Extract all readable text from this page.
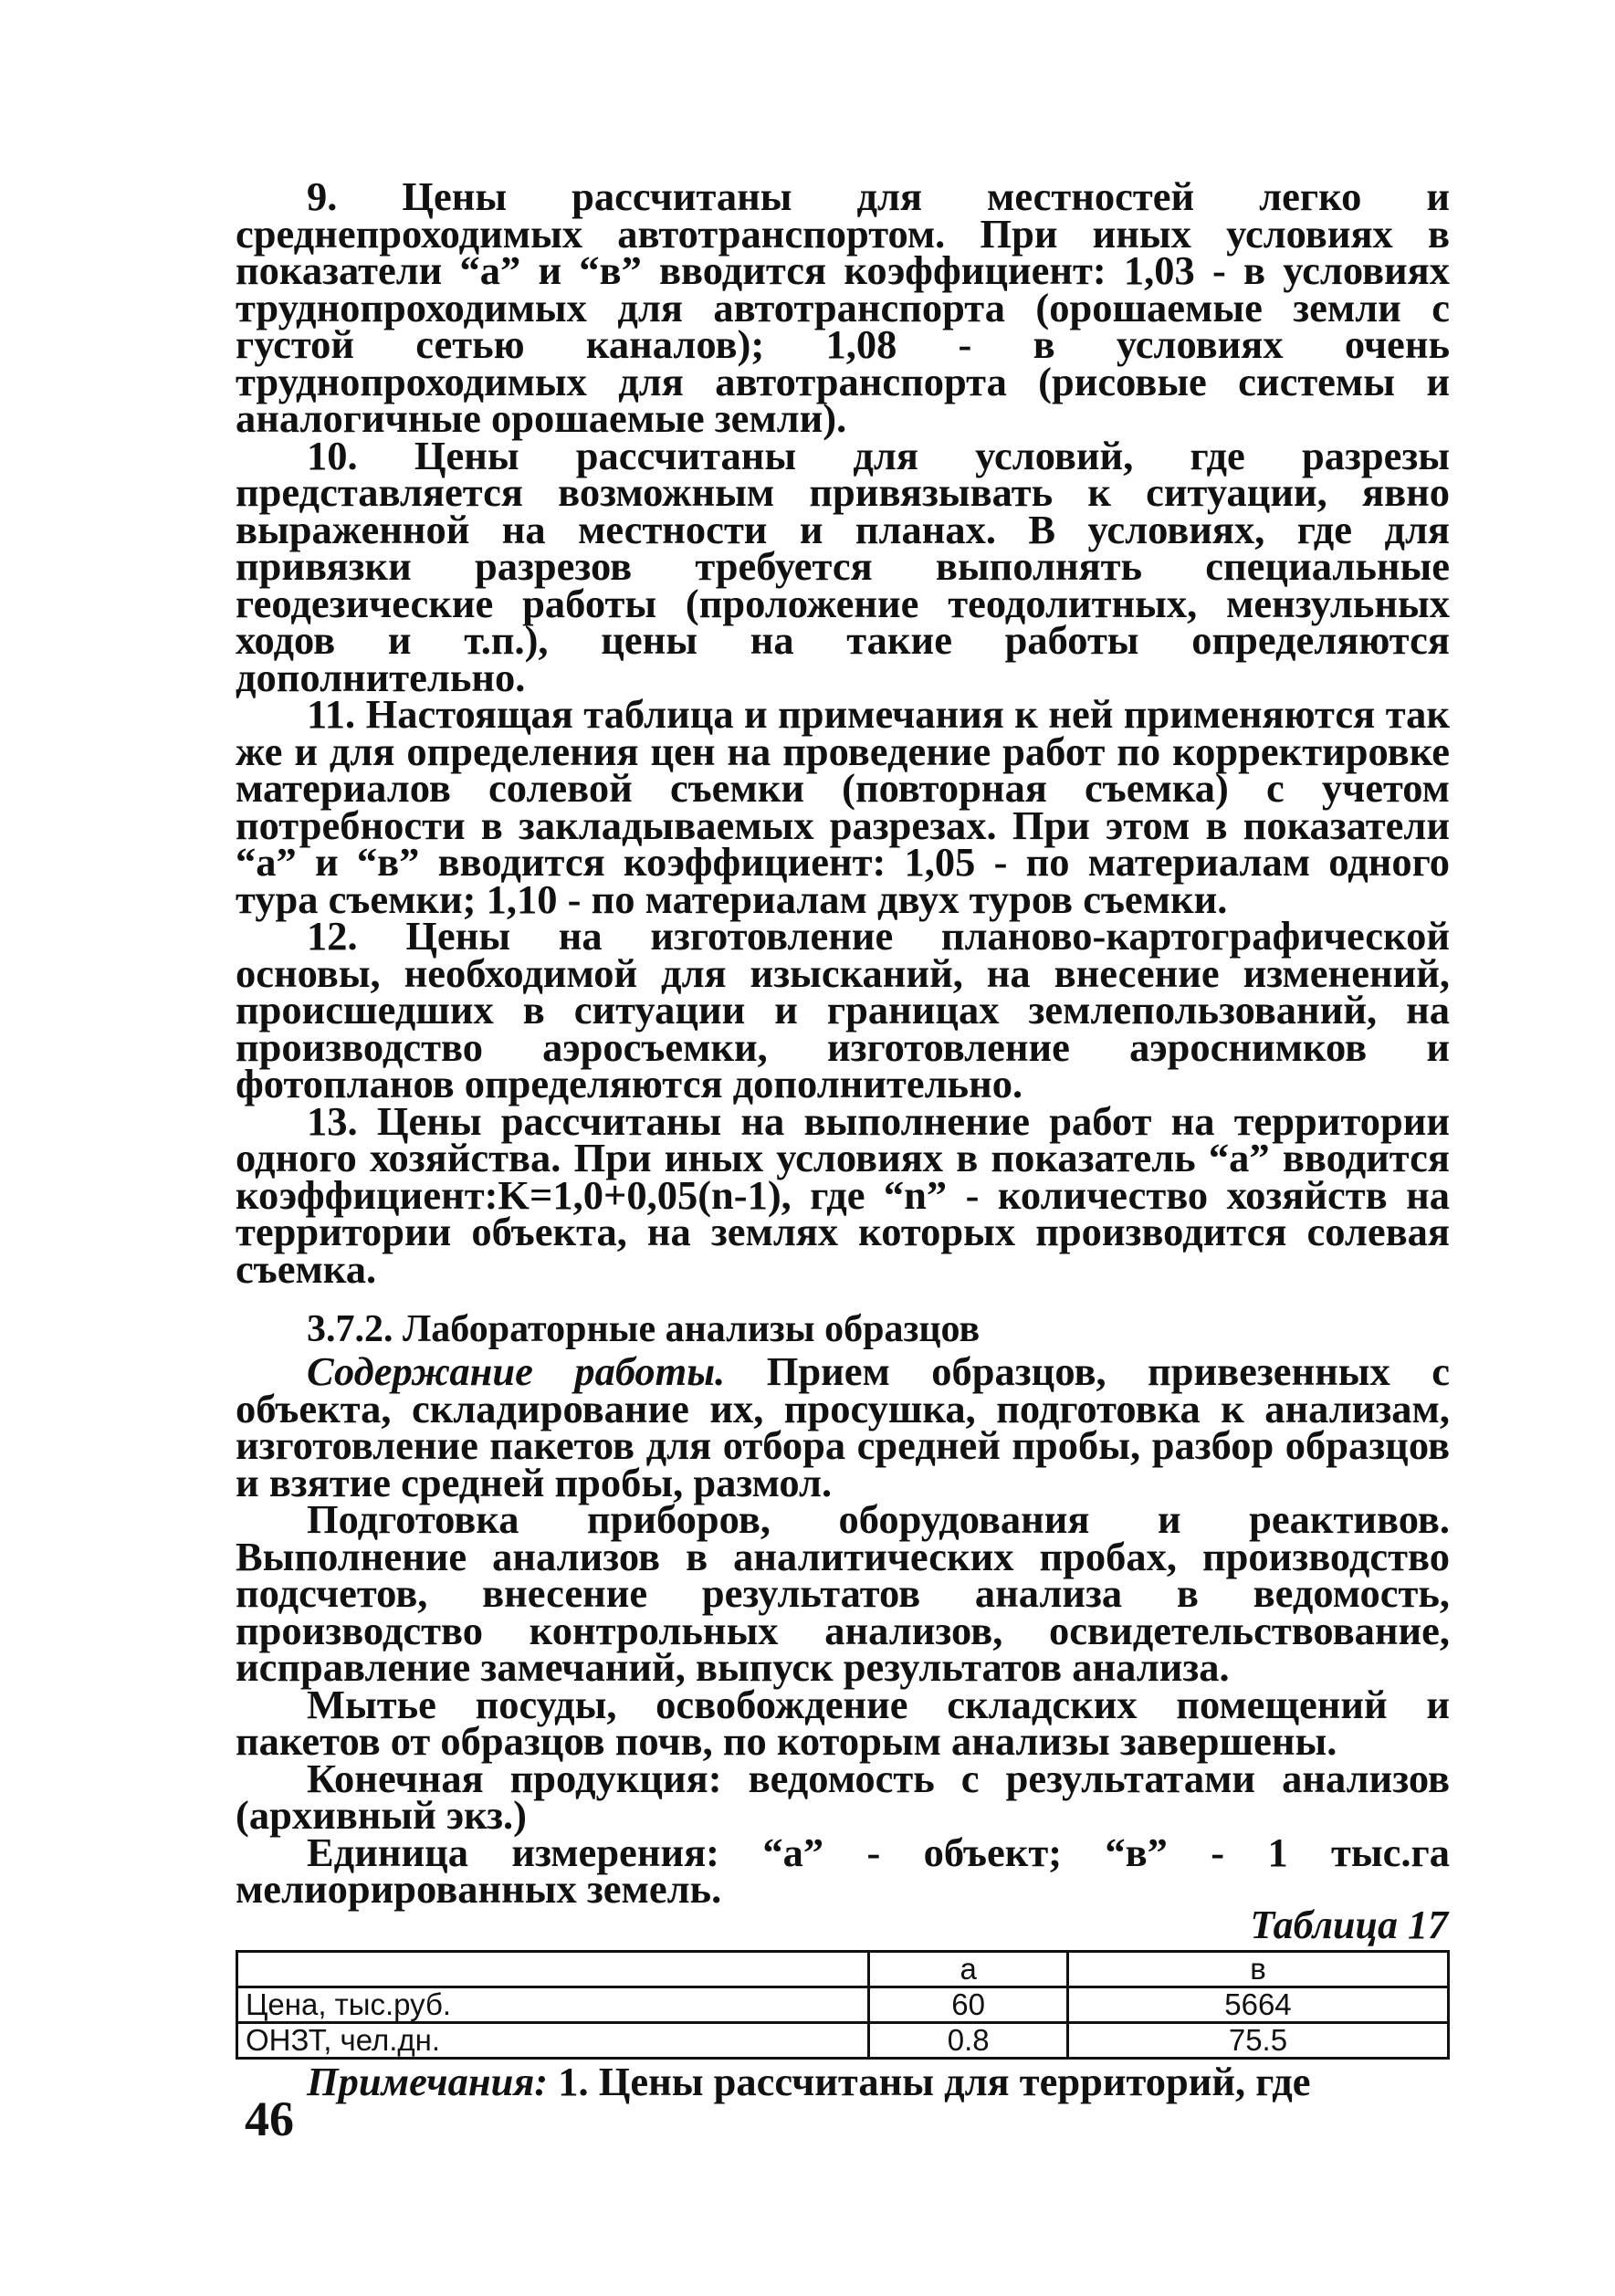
9. Цены рассчитаны для местностей легко и среднепроходимых автотранспортом. При иных условиях в показатели “а” и “в” вводится коэффициент: 1,03 - в условиях труднопроходимых для автотранспорта (орошаемые земли с густой сетью каналов); 1,08 - в условиях очень труднопроходимых для автотранспорта (рисовые системы и аналогичные орошаемые земли).

10. Цены рассчитаны для условий, где разрезы представляется возможным привязывать к ситуации, явно выраженной на местности и планах. В условиях, где для привязки разрезов требуется выполнять специальные геодезические работы (проложение теодолитных, мензульных ходов и т.п.), цены на такие работы определяются дополнительно.

11. Настоящая таблица и примечания к ней применяются так же и для определения цен на проведение работ по корректировке материалов солевой съемки (повторная съемка) с учетом потребности в закладываемых разрезах. При этом в показатели “а” и “в” вводится коэффициент: 1,05 - по материалам одного тура съемки; 1,10 - по материалам двух туров съемки.

12. Цены на изготовление планово-картографической основы, необходимой для изысканий, на внесение изменений, происшедших в ситуации и границах землепользований, на производство аэросъемки, изготовление аэроснимков и фотопланов определяются дополнительно.

13. Цены рассчитаны на выполнение работ на территории одного хозяйства. При иных условиях в показатель “а” вводится коэффициент:K=1,0+0,05(n-1), где “n” - количество хозяйств на территории объекта, на землях которых производится солевая съемка.

3.7.2. Лабораторные анализы образцов

Содержание работы. Прием образцов, привезенных с объекта, складирование их, просушка, подготовка к анализам, изготовление пакетов для отбора средней пробы, разбор образцов и взятие средней пробы, размол.

Подготовка приборов, оборудования и реактивов. Выполнение анализов в аналитических пробах, производство подсчетов, внесение результатов анализа в ведомость, производство контрольных анализов, освидетельствование, исправление замечаний, выпуск результатов анализа.

Мытье посуды, освобождение складских помещений и пакетов от образцов почв, по которым анализы завершены.

Конечная продукция: ведомость с результатами анализов (архивный экз.)

Единица измерения: “а” - объект; “в” - 1 тыс.га мелиорированных земель.

Таблица 17
	а	в
Цена, тыс.руб.	60	5664
ОНЗТ, чел.дн.	0.8	75.5

Примечания: 1. Цены рассчитаны для территорий, где

46
